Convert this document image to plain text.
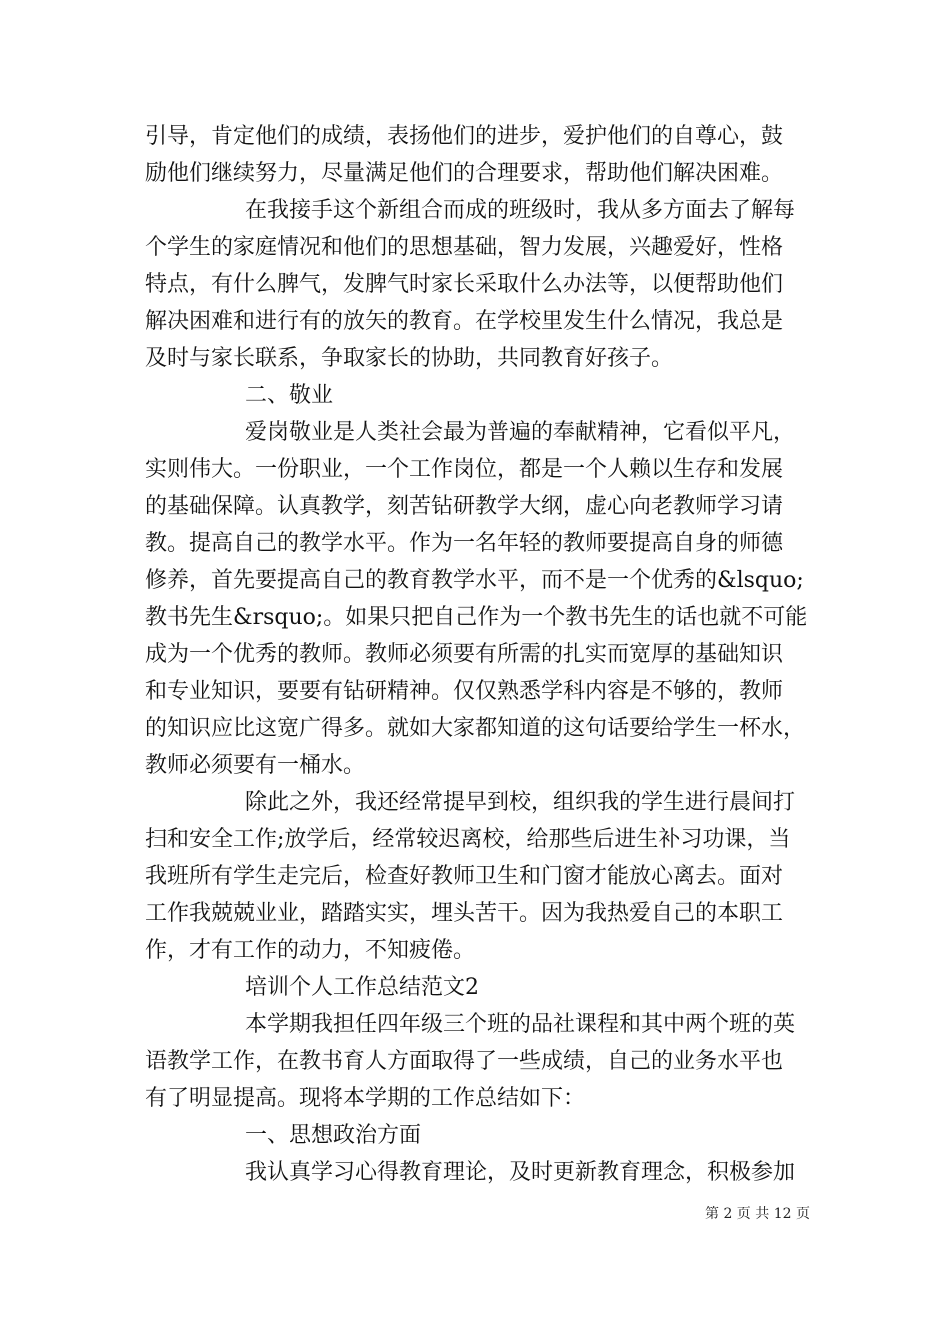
引导，肯定他们的成绩，表扬他们的进步，爱护他们的自尊心，鼓
励他们继续努力，尽量满足他们的合理要求，帮助他们解决困难。
在我接手这个新组合而成的班级时，我从多方面去了解每
个学生的家庭情况和他们的思想基础，智力发展，兴趣爱好，性格
特点，有什么脾气，发脾气时家长采取什么办法等，以便帮助他们
解决困难和进行有的放矢的教育。在学校里发生什么情况，我总是
及时与家长联系，争取家长的协助，共同教育好孩子。
二、敬业
爱岗敬业是人类社会最为普遍的奉献精神，它看似平凡，
实则伟大。一份职业，一个工作岗位，都是一个人赖以生存和发展
的基础保障。认真教学，刻苦钻研教学大纲，虚心向老教师学习请
教。提高自己的教学水平。作为一名年轻的教师要提高自身的师德
修养，首先要提高自己的教育教学水平，而不是一个优秀的&lsquo;
教书先生&rsquo;。如果只把自己作为一个教书先生的话也就不可能
成为一个优秀的教师。教师必须要有所需的扎实而宽厚的基础知识
和专业知识，要要有钻研精神。仅仅熟悉学科内容是不够的，教师
的知识应比这宽广得多。就如大家都知道的这句话要给学生一杯水，
教师必须要有一桶水。
除此之外，我还经常提早到校，组织我的学生进行晨间打
扫和安全工作;放学后，经常较迟离校，给那些后进生补习功课，当
我班所有学生走完后，检查好教师卫生和门窗才能放心离去。面对
工作我兢兢业业，踏踏实实，埋头苦干。因为我热爱自己的本职工
作，才有工作的动力，不知疲倦。
培训个人工作总结范文2
本学期我担任四年级三个班的品社课程和其中两个班的英
语教学工作，在教书育人方面取得了一些成绩，自己的业务水平也
有了明显提高。现将本学期的工作总结如下：
一、思想政治方面
我认真学习心得教育理论，及时更新教育理念，积极参加
第 2 页 共 12 页
